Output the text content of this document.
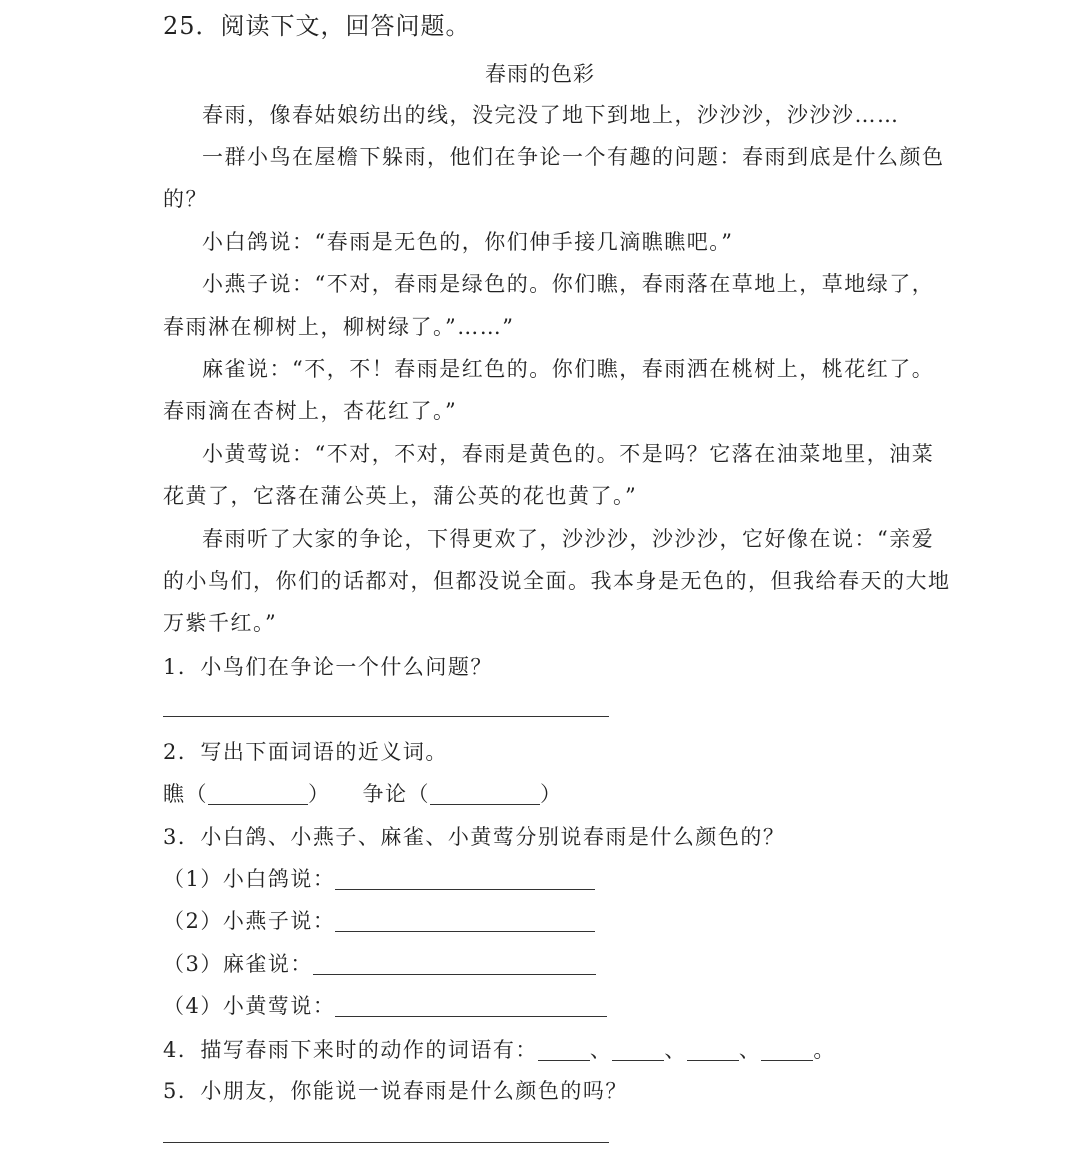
25．阅读下文，回答问题。
春雨的色彩
春雨，像春姑娘纺出的线，没完没了地下到地上，沙沙沙，沙沙沙……
一群小鸟在屋檐下躲雨，他们在争论一个有趣的问题：春雨到底是什么颜色
的？
小白鸽说：“春雨是无色的，你们伸手接几滴瞧瞧吧。”
小燕子说：“不对，春雨是绿色的。你们瞧，春雨落在草地上，草地绿了，
春雨淋在柳树上，柳树绿了。”……”
麻雀说：“不，不！春雨是红色的。你们瞧，春雨洒在桃树上，桃花红了。
春雨滴在杏树上，杏花红了。”
小黄莺说：“不对，不对，春雨是黄色的。不是吗？它落在油菜地里，油菜
花黄了，它落在蒲公英上，蒲公英的花也黄了。”
春雨听了大家的争论，下得更欢了，沙沙沙，沙沙沙，它好像在说：“亲爱
的小鸟们，你们的话都对，但都没说全面。我本身是无色的，但我给春天的大地
万紫千红。”
1．小鸟们在争论一个什么问题？
2．写出下面词语的近义词。
瞧（	） 争论（	）
3．小白鸽、小燕子、麻雀、小黄莺分别说春雨是什么颜色的？
（1）小白鸽说：
（2）小燕子说：
（3）麻雀说：
（4）小黄莺说：
4．描写春雨下来时的动作的词语有： 、 、 、 。
5．小朋友，你能说一说春雨是什么颜色的吗？
